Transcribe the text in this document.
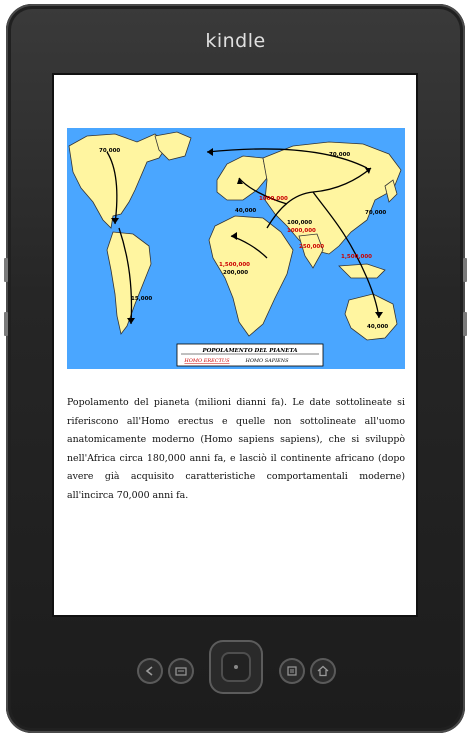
kindle
70,000
15,000
40,000
1000,000
70,000
70,000
100,000
1000,000
250,000
1,500,000
1,500,000
200,000
40,000
POPOLAMENTO DEL PIANETA
HOMO ERECTUS	HOMO SAPIENS
Popolamento del pianeta (milioni dianni fa). Le date sottolineate si riferiscono all'Homo erectus e quelle non sottolineate all'uomo anatomicamente moderno (Homo sapiens sapiens), che si sviluppò nell'Africa circa 180,000 anni fa, e lasciò il continente africano (dopo avere già acquisito caratteristiche comportamentali moderne) all'incirca 70,000 anni fa.
